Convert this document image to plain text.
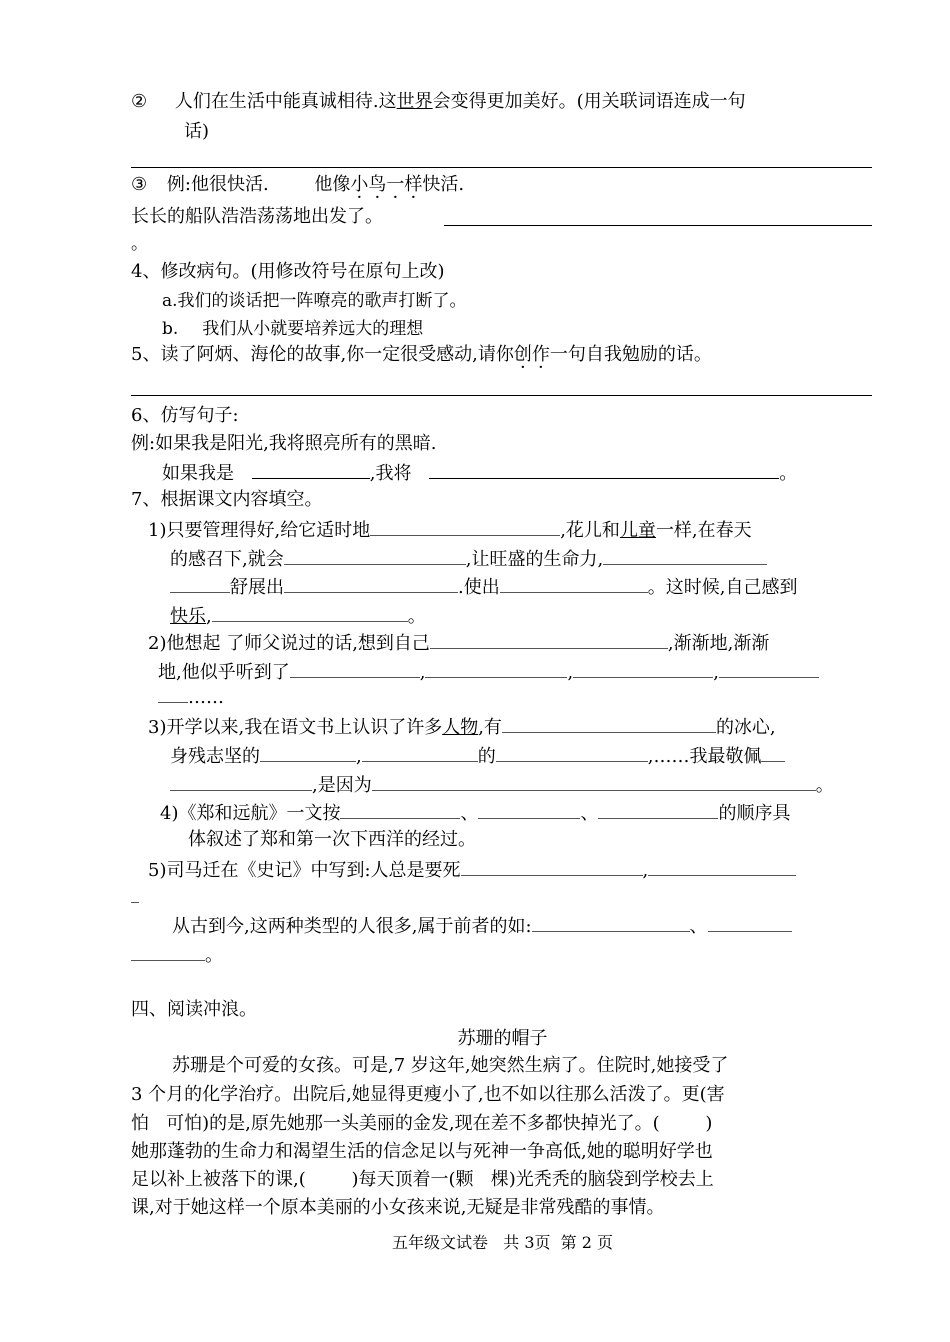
② 人们在生活中能真诚相待.这世界会变得更加美好。(用关联词语连成一句
话)
③ 例:他很快活.	他像小鸟一样快活.
长长的船队浩浩荡荡地出发了。
。
4、修改病句。(用修改符号在原句上改)
a.我们的谈话把一阵嘹亮的歌声打断了。
b. 我们从小就要培养远大的理想
5、读了阿炳、海伦的故事,你一定很受感动,请你创作一句自我勉励的话。
6、仿写句子:
例:如果我是阳光,我将照亮所有的黑暗.
如果我是	,我将	。
7、根据课文内容填空。
1)只要管理得好,给它适时地	,花儿和儿童一样,在春天
的感召下,就会	,让旺盛的生命力,
舒展出	.使出	。这时候,自己感到
快乐,	。
2)他想起 了师父说过的话,想到自己	,渐渐地,渐渐
地,他似乎听到了	,	,	,
……
3)开学以来,我在语文书上认识了许多人物,有	的冰心,
身残志坚的	,	的	,……我最敬佩
,是因为	。
4)《郑和远航》一文按	、	、	的顺序具
体叙述了郑和第一次下西洋的经过。
5)司马迁在《史记》中写到:人总是要死	,
从古到今,这两种类型的人很多,属于前者的如:	、
。
四、阅读冲浪。
苏珊的帽子
苏珊是个可爱的女孩。可是,7 岁这年,她突然生病了。住院时,她接受了
3 个月的化学治疗。出院后,她显得更瘦小了,也不如以往那么活泼了。更(害
怕   可怕)的是,原先她那一头美丽的金发,现在差不多都快掉光了。(        )
她那蓬勃的生命力和渴望生活的信念足以与死神一争高低,她的聪明好学也
足以补上被落下的课,(        )每天顶着一(颗   棵)光秃秃的脑袋到学校去上
课,对于她这样一个原本美丽的小女孩来说,无疑是非常残酷的事情。
五年级文试卷   共 3页  第 2 页
